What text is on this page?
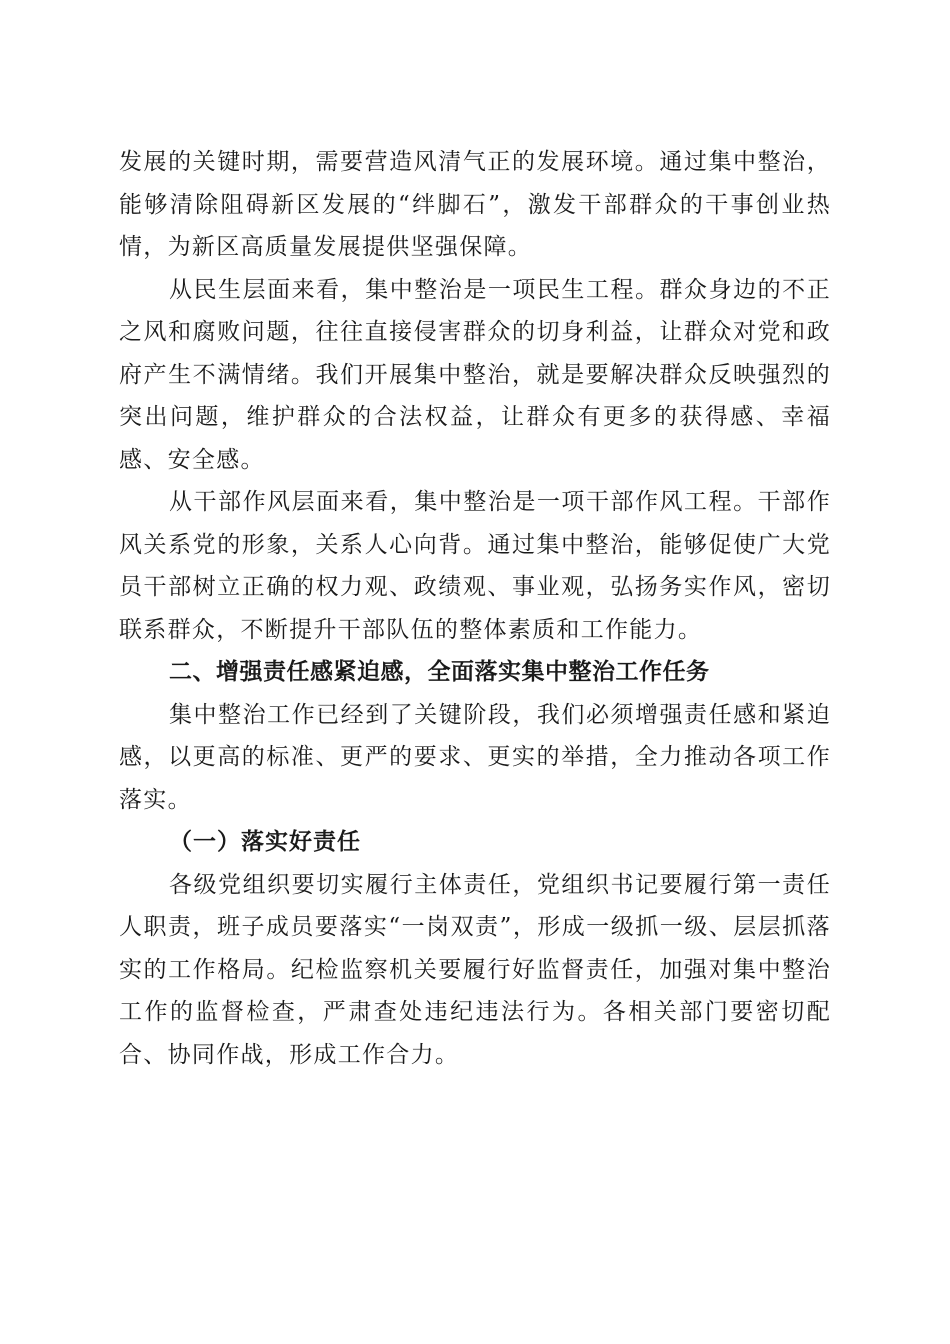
发展的关键时期，需要营造风清气正的发展环境。通过集中整治，能够清除阻碍新区发展的“绊脚石”，激发干部群众的干事创业热情，为新区高质量发展提供坚强保障。

从民生层面来看，集中整治是一项民生工程。群众身边的不正之风和腐败问题，往往直接侵害群众的切身利益，让群众对党和政府产生不满情绪。我们开展集中整治，就是要解决群众反映强烈的突出问题，维护群众的合法权益，让群众有更多的获得感、幸福感、安全感。

从干部作风层面来看，集中整治是一项干部作风工程。干部作风关系党的形象，关系人心向背。通过集中整治，能够促使广大党员干部树立正确的权力观、政绩观、事业观，弘扬务实作风，密切联系群众，不断提升干部队伍的整体素质和工作能力。

二、增强责任感紧迫感，全面落实集中整治工作任务

集中整治工作已经到了关键阶段，我们必须增强责任感和紧迫感，以更高的标准、更严的要求、更实的举措，全力推动各项工作落实。

（一）落实好责任

各级党组织要切实履行主体责任，党组织书记要履行第一责任人职责，班子成员要落实“一岗双责”，形成一级抓一级、层层抓落实的工作格局。纪检监察机关要履行好监督责任，加强对集中整治工作的监督检查，严肃查处违纪违法行为。各相关部门要密切配合、协同作战，形成工作合力。
